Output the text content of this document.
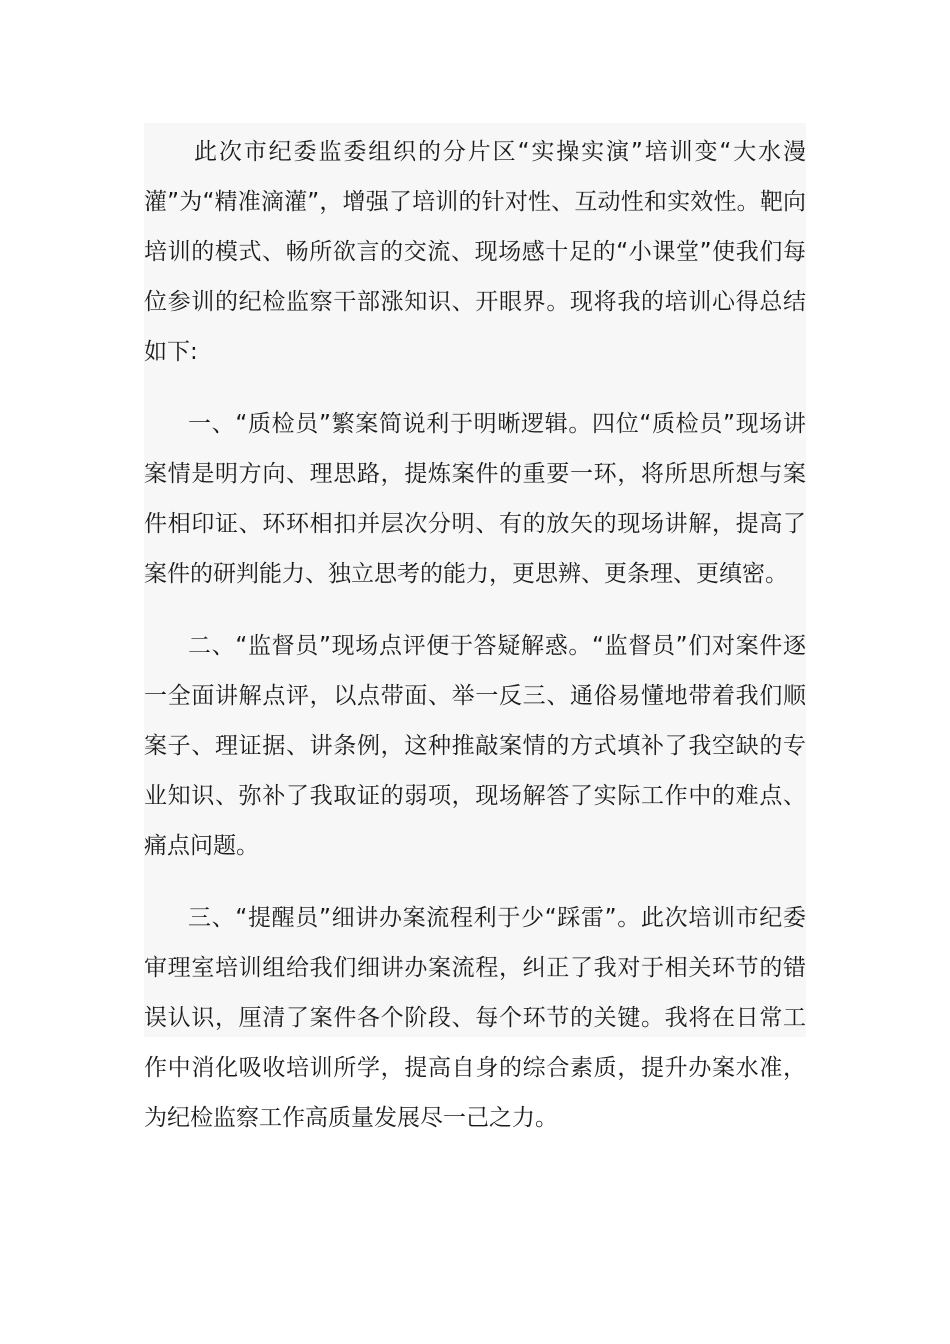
此次市纪委监委组织的分片区“实操实演”培训变“大水漫灌”为“精准滴灌”，增强了培训的针对性、互动性和实效性。靶向培训的模式、畅所欲言的交流、现场感十足的“小课堂”使我们每位参训的纪检监察干部涨知识、开眼界。现将我的培训心得总结如下:

一、“质检员”繁案简说利于明晰逻辑。四位“质检员”现场讲案情是明方向、理思路，提炼案件的重要一环，将所思所想与案件相印证、环环相扣并层次分明、有的放矢的现场讲解，提高了案件的研判能力、独立思考的能力，更思辨、更条理、更缜密。

二、“监督员”现场点评便于答疑解惑。“监督员”们对案件逐一全面讲解点评，以点带面、举一反三、通俗易懂地带着我们顺案子、理证据、讲条例，这种推敲案情的方式填补了我空缺的专业知识、弥补了我取证的弱项，现场解答了实际工作中的难点、痛点问题。

三、“提醒员”细讲办案流程利于少“踩雷”。此次培训市纪委审理室培训组给我们细讲办案流程，纠正了我对于相关环节的错误认识，厘清了案件各个阶段、每个环节的关键。我将在日常工作中消化吸收培训所学，提高自身的综合素质，提升办案水准，为纪检监察工作高质量发展尽一己之力。
